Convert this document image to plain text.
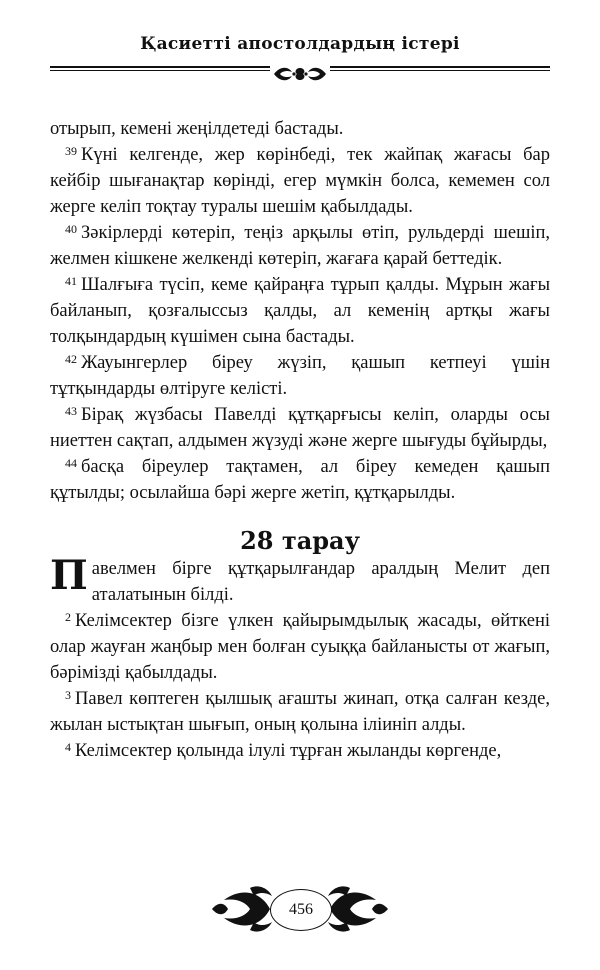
Қасиетті апостолдардың істері

отырып, кемені жеңілдетеді бастады.

$^{39}$ Күні келгенде, жер көрінбеді, тек жайпақ жағасы бар кейбір шығанақтар көрінді, егер мүмкін болса, кемемен сол жерге келіп тоқтау туралы шешім қабылдады.

$^{40}$ Зәкірлерді көтеріп, теңіз арқылы өтіп, рульдерді шешіп, желмен кішкене желкенді көтеріп, жағаға қарай беттедік.

$^{41}$ Шалғыға түсіп, кеме қайраңға тұрып қалды. Мұрын жағы байланып, қозғалыссыз қалды, ал кеменің артқы жағы толқындардың күшімен сына бастады.

$^{42}$ Жауынгерлер біреу жүзіп, қашып кетпеуі үшін тұтқындарды өлтіруге келісті.

$^{43}$ Бірақ жүзбасы Павелді құтқарғысы келіп, оларды осы ниеттен сақтап, алдымен жүзуді және жерге шығуды бұйырды,

$^{44}$ басқа біреулер тақтамен, ал біреу кемеден қашып құтылды; осылайша бәрі жерге жетіп, құтқарылды.

28 тарау

Павелмен бірге құтқарылғандар аралдың Мелит деп аталатынын білді.

$^2$ Келімсектер бізге үлкен қайырымдылық жасады, өйткені олар жауған жаңбыр мен болған суыққа байланысты от жағып, бәрімізді қабылдады.

$^3$ Павел көптеген қылшық ағашты жинап, отқа салған кезде, жылан ыстықтан шығып, оның қолына іліиніп алды.

$^4$ Келімсектер қолында ілулі тұрған жыланды көргенде,

456
